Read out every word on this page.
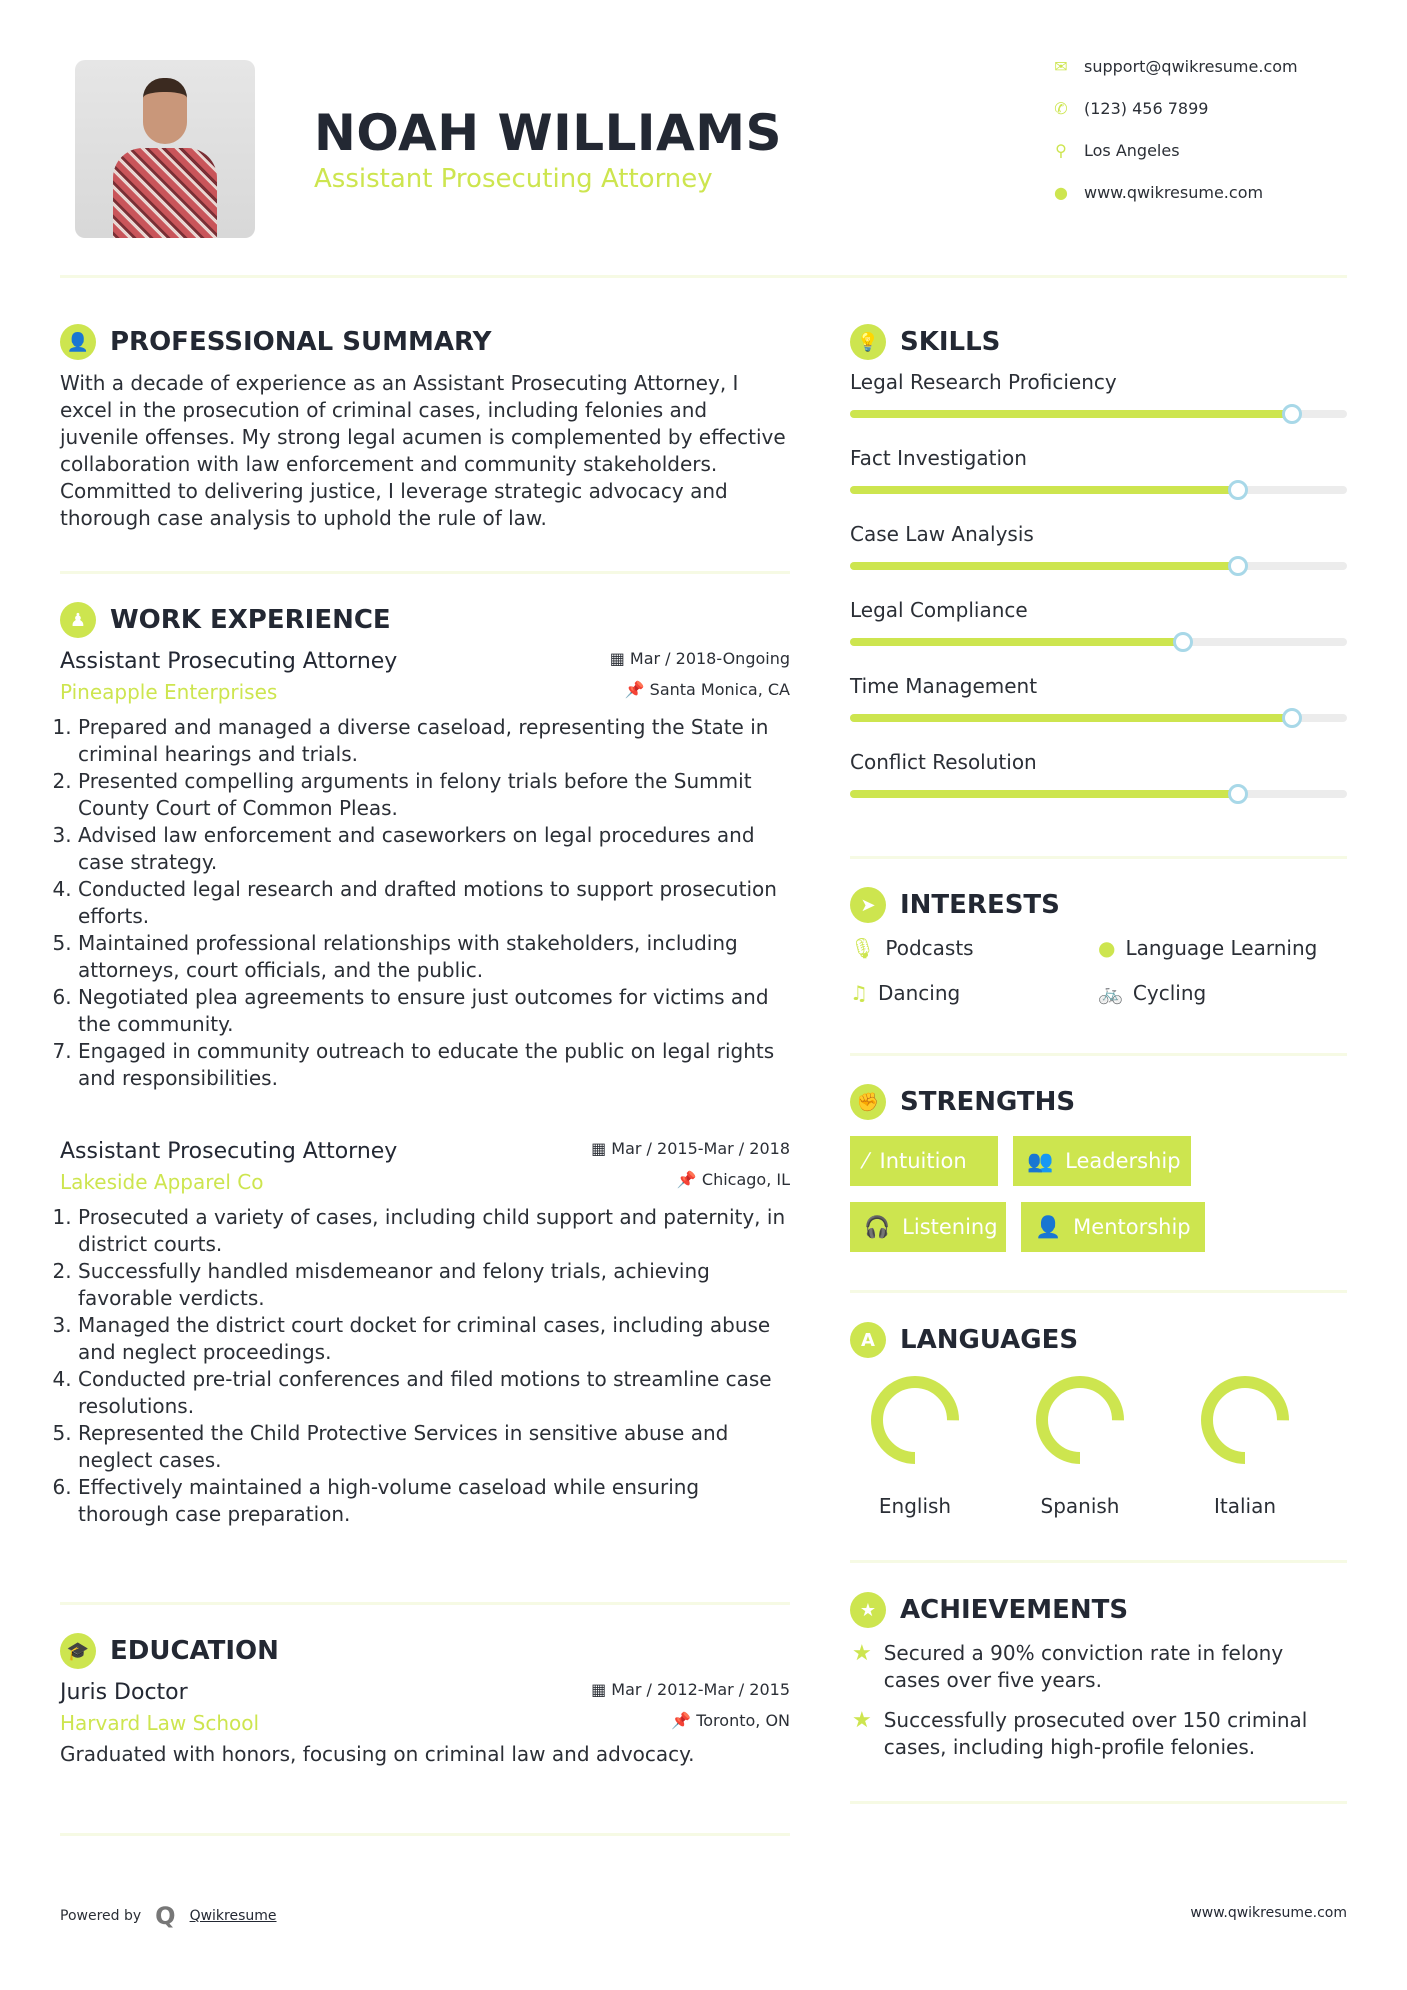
NOAH WILLIAMS
Assistant Prosecuting Attorney
✉ support@qwikresume.com
✆ (123) 456 7899
⚲ Los Angeles
● www.qwikresume.com
👤 PROFESSIONAL SUMMARY
With a decade of experience as an Assistant Prosecuting Attorney, I excel in the prosecution of criminal cases, including felonies and juvenile offenses. My strong legal acumen is complemented by effective collaboration with law enforcement and community stakeholders. Committed to delivering justice, I leverage strategic advocacy and thorough case analysis to uphold the rule of law.
♟ WORK EXPERIENCE
Assistant Prosecuting Attorney	▦ Mar / 2018-Ongoing
Pineapple Enterprises	📌 Santa Monica, CA
1. Prepared and managed a diverse caseload, representing the State in criminal hearings and trials.
2. Presented compelling arguments in felony trials before the Summit County Court of Common Pleas.
3. Advised law enforcement and caseworkers on legal procedures and case strategy.
4. Conducted legal research and drafted motions to support prosecution efforts.
5. Maintained professional relationships with stakeholders, including attorneys, court officials, and the public.
6. Negotiated plea agreements to ensure just outcomes for victims and the community.
7. Engaged in community outreach to educate the public on legal rights and responsibilities.
Assistant Prosecuting Attorney	▦ Mar / 2015-Mar / 2018
Lakeside Apparel Co	📌 Chicago, IL
1. Prosecuted a variety of cases, including child support and paternity, in district courts.
2. Successfully handled misdemeanor and felony trials, achieving favorable verdicts.
3. Managed the district court docket for criminal cases, including abuse and neglect proceedings.
4. Conducted pre-trial conferences and filed motions to streamline case resolutions.
5. Represented the Child Protective Services in sensitive abuse and neglect cases.
6. Effectively maintained a high-volume caseload while ensuring thorough case preparation.
🎓 EDUCATION
Juris Doctor	▦ Mar / 2012-Mar / 2015
Harvard Law School	📌 Toronto, ON
Graduated with honors, focusing on criminal law and advocacy.
💡 SKILLS
Legal Research Proficiency
Fact Investigation
Case Law Analysis
Legal Compliance
Time Management
Conflict Resolution
➤ INTERESTS
🎙 Podcasts	● Language Learning
♫ Dancing	🚲 Cycling
✊ STRENGTHS
⁄ Intuition	👥 Leadership
🎧 Listening 👤 Mentorship
A LANGUAGES
English	Spanish	Italian
★ ACHIEVEMENTS
★ Secured a 90% conviction rate in felony cases over five years.
★ Successfully prosecuted over 150 criminal cases, including high-profile felonies.
Powered by Q Qwikresume	www.qwikresume.com
